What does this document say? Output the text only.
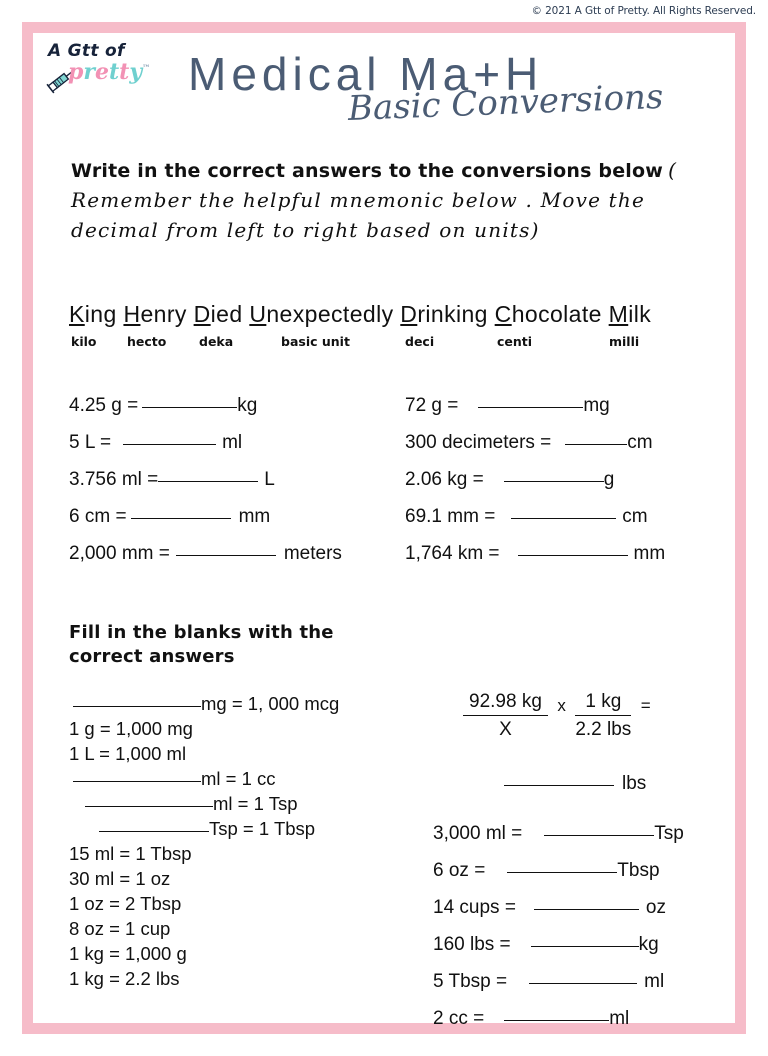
© 2021 A Gtt of Pretty. All Rights Reserved.
A Gtt of
pretty™ Medical Ma+H
Basic Conversions
Write in the correct answers to the conversions below ( Remember the helpful mnemonic below . Move the decimal from left to right based on units)
King Henry Died Unexpectedly Drinking Chocolate Milk
kilo hecto	deka	basic unit	deci	centi	milli
4.25 g =	kg
5 L =	ml
3.756 ml =	L
6 cm =	mm
2,000 mm =	meters
72 g =	mg
300 decimeters =	cm
2.06 kg =	g
69.1 mm =	cm
1,764 km =	mm
Fill in the blanks with the
correct answers
mg = 1, 000 mcg
1 g = 1,000 mg
1 L = 1,000 ml
ml = 1 cc
ml = 1 Tsp
Tsp = 1 Tbsp
15 ml = 1 Tbsp
30 ml = 1 oz
1 oz = 2 Tbsp
8 oz = 1 cup
1 kg = 1,000 g
1 kg = 2.2 lbs
$\frac{92.98 kg}{X}$ x $\frac{1 kg}{\text{2.2 lbs}}$ =
lbs
3,000 ml =	Tsp
6 oz =	Tbsp
14 cups =	oz
160 lbs =	kg
5 Tbsp =	ml
2 cc =	ml
